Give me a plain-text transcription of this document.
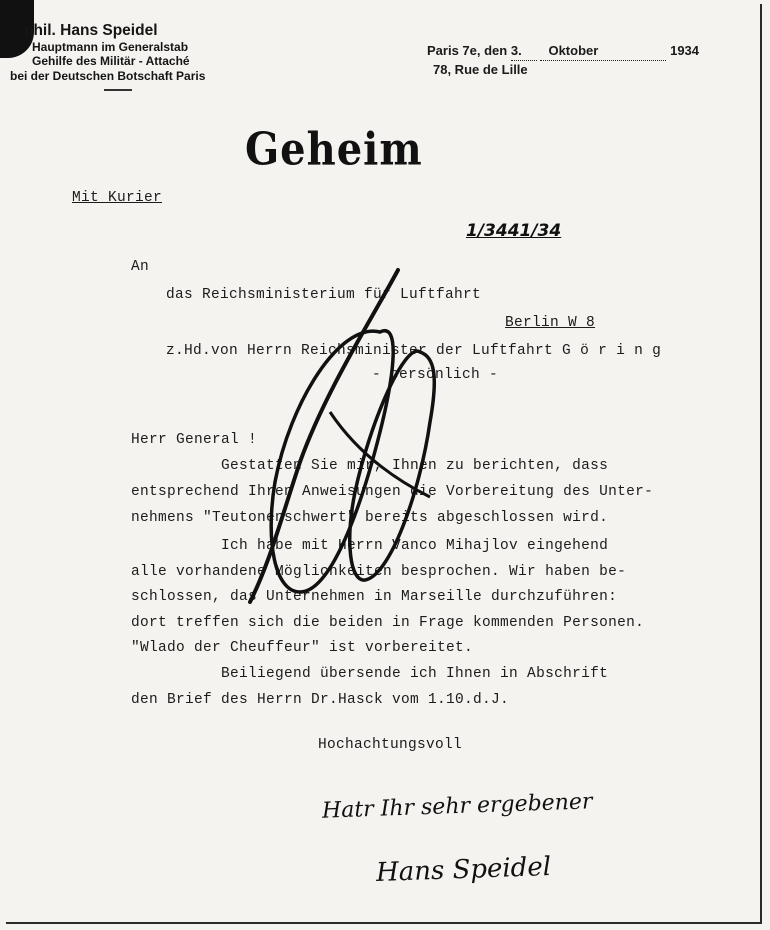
phil. Hans Speidel
Hauptmann im Generalstab
Gehilfe des Militär - Attaché
bei der Deutschen Botschaft Paris
Paris 7e, den 3. Oktober	1934
78, Rue de Lille
Geheim
Mit Kurier
1/3441/34
An
das Reichsministerium für Luftfahrt
Berlin W 8
z.Hd.von Herrn Reichsminister der Luftfahrt G ö r i n g
- persönlich -
Herr General !
Gestatten Sie mir, Ihnen zu berichten, dass
entsprechend Ihren Anweisungen die Vorbereitung des Unter-
nehmens "Teutonenschwert" bereits abgeschlossen wird.
Ich habe mit Herrn Vanco Mihajlov eingehend
alle vorhandene Möglichkeiten besprochen. Wir haben be-
schlossen, das Unternehmen in Marseille durchzuführen:
dort treffen sich die beiden in Frage kommenden Personen.
"Wlado der Cheuffeur" ist vorbereitet.
Beiliegend übersende ich Ihnen in Abschrift
den Brief des Herrn Dr.Hasck vom 1.10.d.J.
Hochachtungsvoll
Hatr Ihr sehr ergebener
Hans Speidel
